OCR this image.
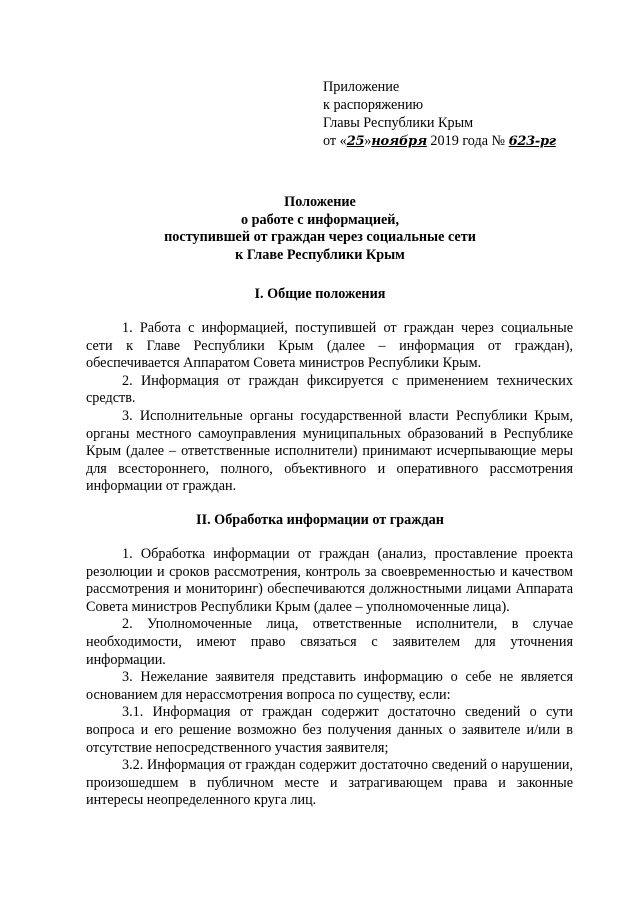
Приложение
к распоряжению
Главы Республики Крым
от «25»ноября 2019 года № 623-рг
Положение
о работе с информацией,
поступившей от граждан через социальные сети
к Главе Республики Крым
I. Общие положения

1. Работа с информацией, поступившей от граждан через социальные сети к Главе Республики Крым (далее – информация от граждан), обеспечивается Аппаратом Совета министров Республики Крым.

2. Информация от граждан фиксируется с применением технических средств.

3. Исполнительные органы государственной власти Республики Крым, органы местного самоуправления муниципальных образований в Республике Крым (далее – ответственные исполнители) принимают исчерпывающие меры для всестороннего, полного, объективного и оперативного рассмотрения информации от граждан.

II. Обработка информации от граждан

1. Обработка информации от граждан (анализ, проставление проекта резолюции и сроков рассмотрения, контроль за своевременностью и качеством рассмотрения и мониторинг) обеспечиваются должностными лицами Аппарата Совета министров Республики Крым (далее – уполномоченные лица).

2. Уполномоченные лица, ответственные исполнители, в случае необходимости, имеют право связаться с заявителем для уточнения информации.

3. Нежелание заявителя представить информацию о себе не является основанием для нерассмотрения вопроса по существу, если:

3.1. Информация от граждан содержит достаточно сведений о сути вопроса и его решение возможно без получения данных о заявителе и/или в отсутствие непосредственного участия заявителя;

3.2. Информация от граждан содержит достаточно сведений о нарушении, произошедшем в публичном месте и затрагивающем права и законные интересы неопределенного круга лиц.
